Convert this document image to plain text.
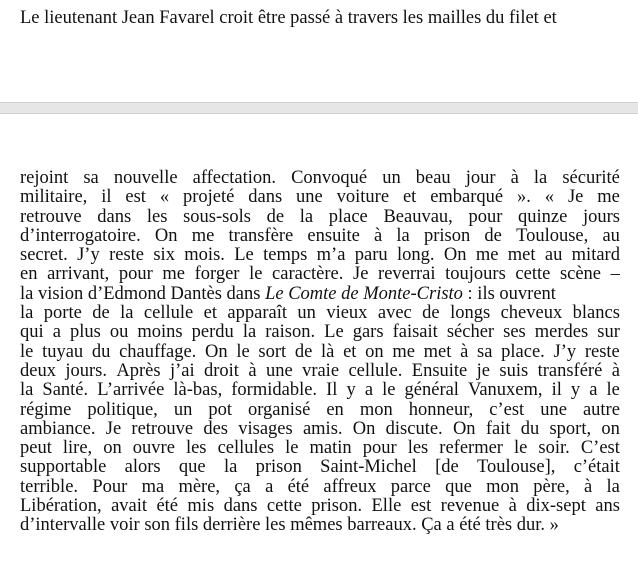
Le lieutenant Jean Favarel croit être passé à travers les mailles du filet et
rejoint sa nouvelle affectation. Convoqué un beau jour à la sécurité
militaire, il est « projeté dans une voiture et embarqué ». « Je me
retrouve dans les sous-sols de la place Beauvau, pour quinze jours
d’interrogatoire. On me transfère ensuite à la prison de Toulouse, au
secret. J’y reste six mois. Le temps m’a paru long. On me met au mitard
en arrivant, pour me forger le caractère. Je reverrai toujours cette scène –
la vision d’Edmond Dantès dans Le Comte de Monte-Cristo : ils ouvrent
la porte de la cellule et apparaît un vieux avec de longs cheveux blancs
qui a plus ou moins perdu la raison. Le gars faisait sécher ses merdes sur
le tuyau du chauffage. On le sort de là et on me met à sa place. J’y reste
deux jours. Après j’ai droit à une vraie cellule. Ensuite je suis transféré à
la Santé. L’arrivée là-bas, formidable. Il y a le général Vanuxem, il y a le
régime politique, un pot organisé en mon honneur, c’est une autre
ambiance. Je retrouve des visages amis. On discute. On fait du sport, on
peut lire, on ouvre les cellules le matin pour les refermer le soir. C’est
supportable alors que la prison Saint-Michel [de Toulouse], c’était
terrible. Pour ma mère, ça a été affreux parce que mon père, à la
Libération, avait été mis dans cette prison. Elle est revenue à dix-sept ans
d’intervalle voir son fils derrière les mêmes barreaux. Ça a été très dur. »
